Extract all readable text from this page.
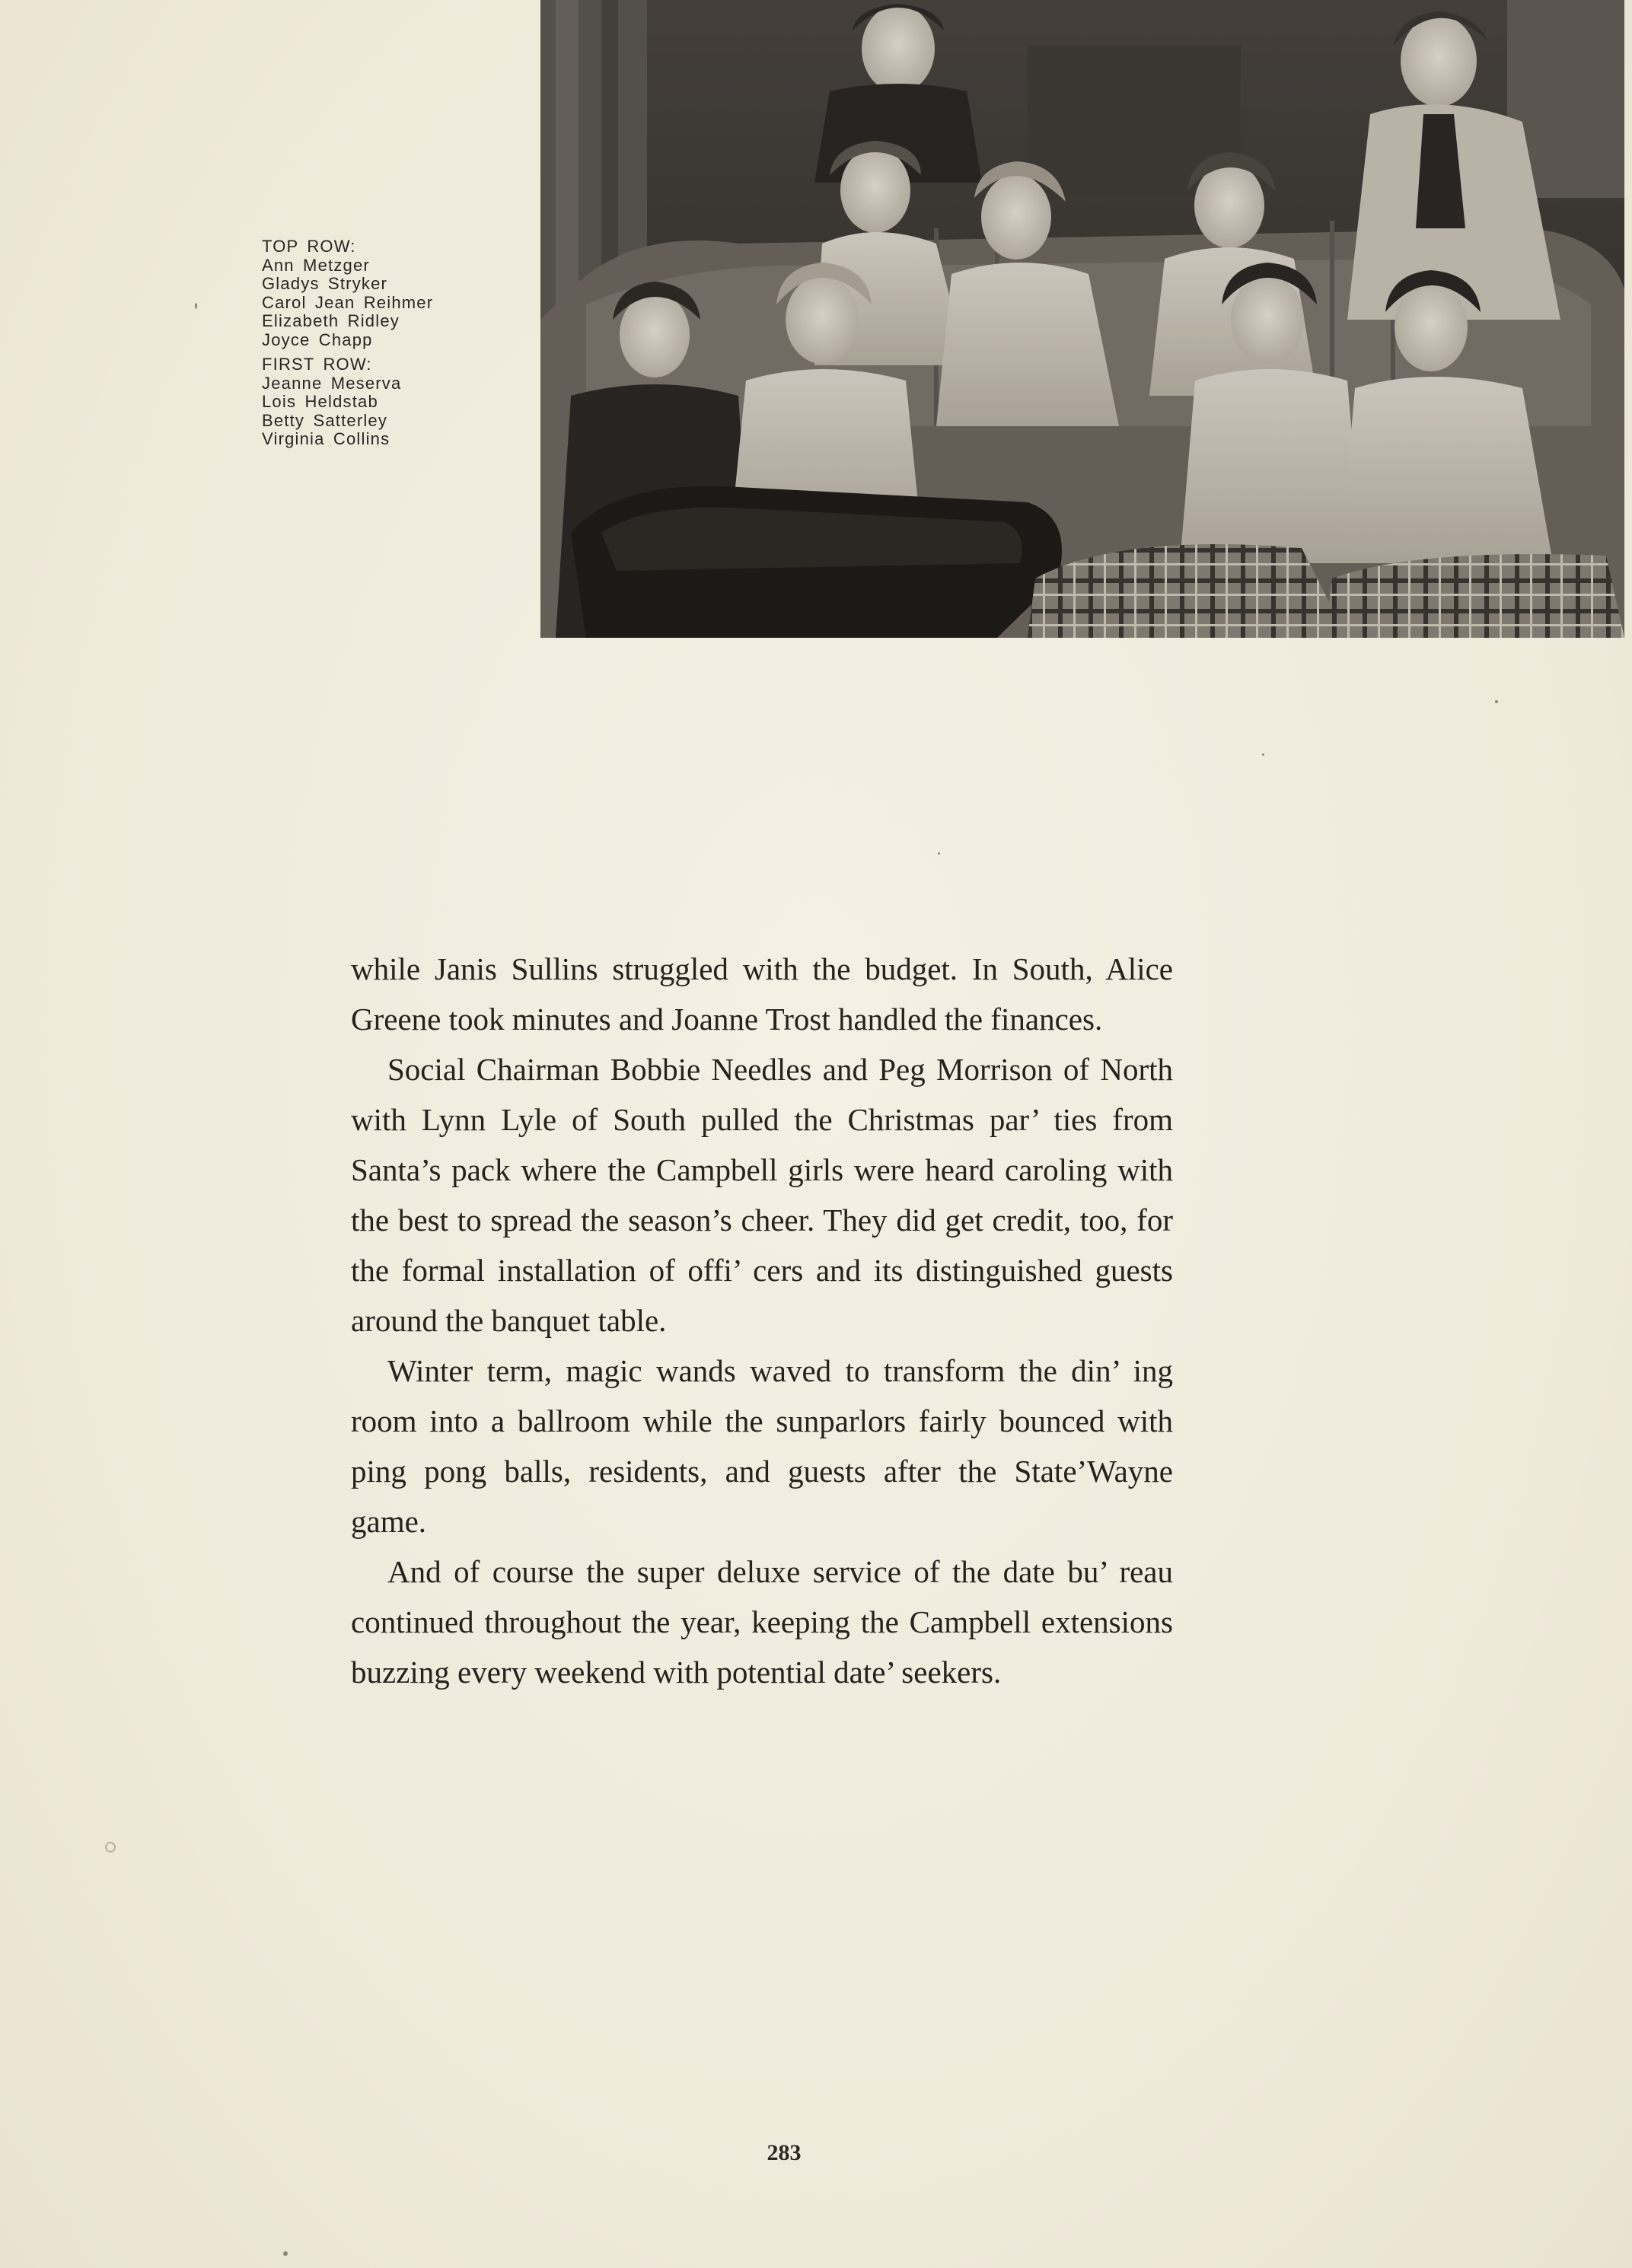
TOP ROW:

Ann Metzger

Gladys Stryker

Carol Jean Reihmer

Elizabeth Ridley

Joyce Chapp

FIRST ROW:

Jeanne Meserva

Lois Heldstab

Betty Satterley

Virginia Collins

while Janis Sullins struggled with the budget. In South, Alice Greene took minutes and Joanne Trost handled the finances.

Social Chairman Bobbie Needles and Peg Morrison of North with Lynn Lyle of South pulled the Christmas par’ ties from Santa’s pack where the Campbell girls were heard caroling with the best to spread the season’s cheer. They did get credit, too, for the formal installation of offi’ cers and its distinguished guests around the banquet table.

Winter term, magic wands waved to transform the din’ ing room into a ballroom while the sunparlors fairly bounced with ping pong balls, residents, and guests after the State’Wayne game.

And of course the super deluxe service of the date bu’ reau continued throughout the year, keeping the Campbell extensions buzzing every weekend with potential date’ seekers.

283
